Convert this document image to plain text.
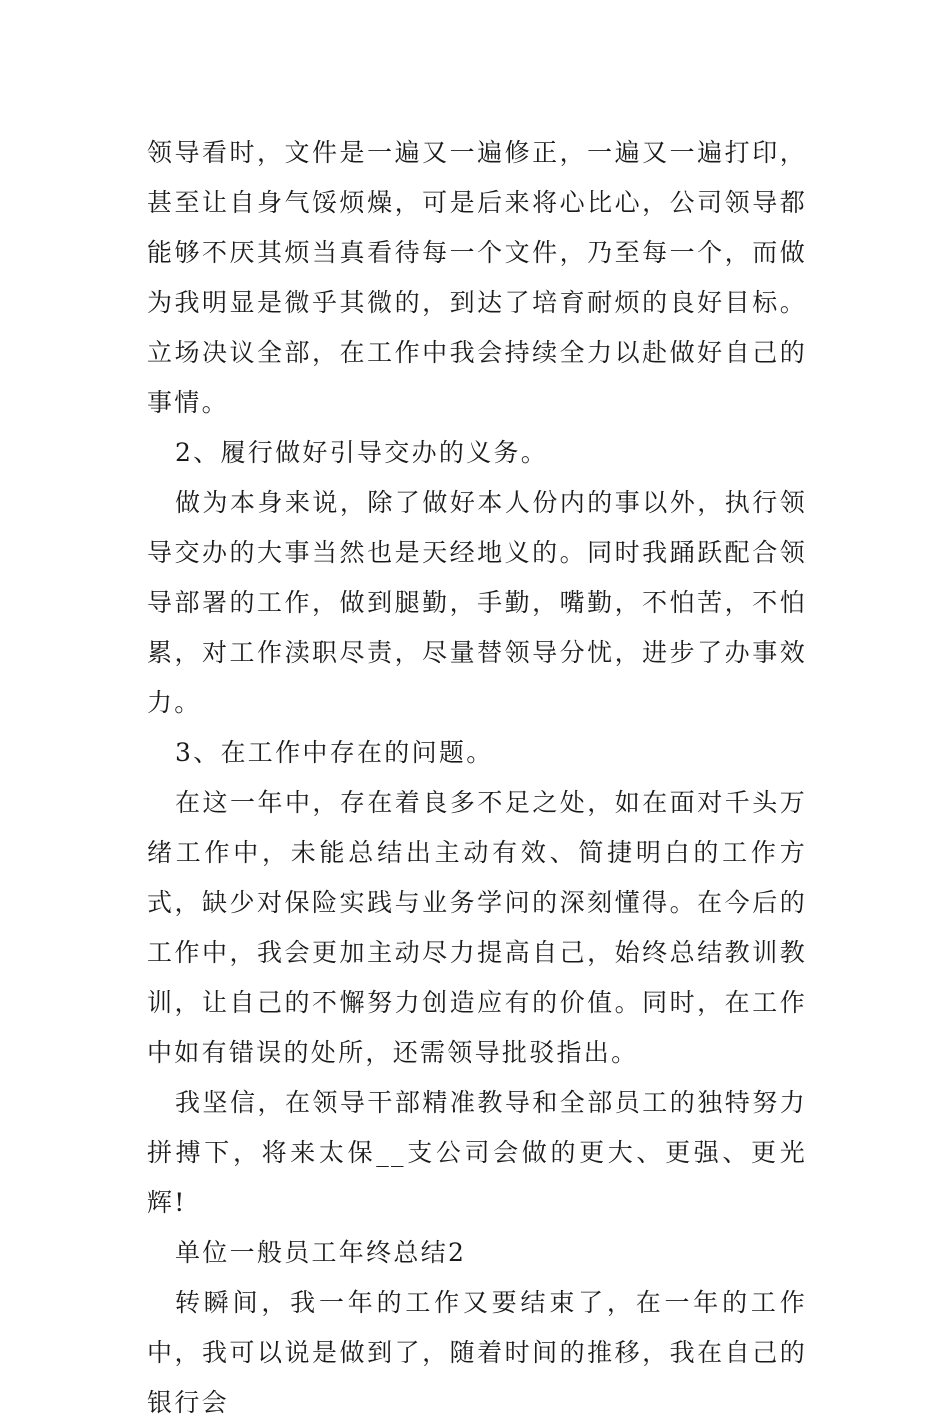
领导看时，文件是一遍又一遍修正，一遍又一遍打印，甚至让自身气馁烦燥，可是后来将心比心，公司领导都能够不厌其烦当真看待每一个文件，乃至每一个，而做为我明显是微乎其微的，到达了培育耐烦的良好目标。立场决议全部，在工作中我会持续全力以赴做好自己的事情。

2、履行做好引导交办的义务。

做为本身来说，除了做好本人份内的事以外，执行领导交办的大事当然也是天经地义的。同时我踊跃配合领导部署的工作，做到腿勤，手勤，嘴勤，不怕苦，不怕累，对工作渎职尽责，尽量替领导分忧，进步了办事效力。

3、在工作中存在的问题。

在这一年中，存在着良多不足之处，如在面对千头万绪工作中，未能总结出主动有效、简捷明白的工作方式，缺少对保险实践与业务学问的深刻懂得。在今后的工作中，我会更加主动尽力提高自己，始终总结教训教训，让自己的不懈努力创造应有的价值。同时，在工作中如有错误的处所，还需领导批驳指出。

我坚信，在领导干部精准教导和全部员工的独特努力拼搏下，将来太保__支公司会做的更大、更强、更光辉!

单位一般员工年终总结2

转瞬间，我一年的工作又要结束了，在一年的工作中，我可以说是做到了，随着时间的推移，我在自己的银行会
